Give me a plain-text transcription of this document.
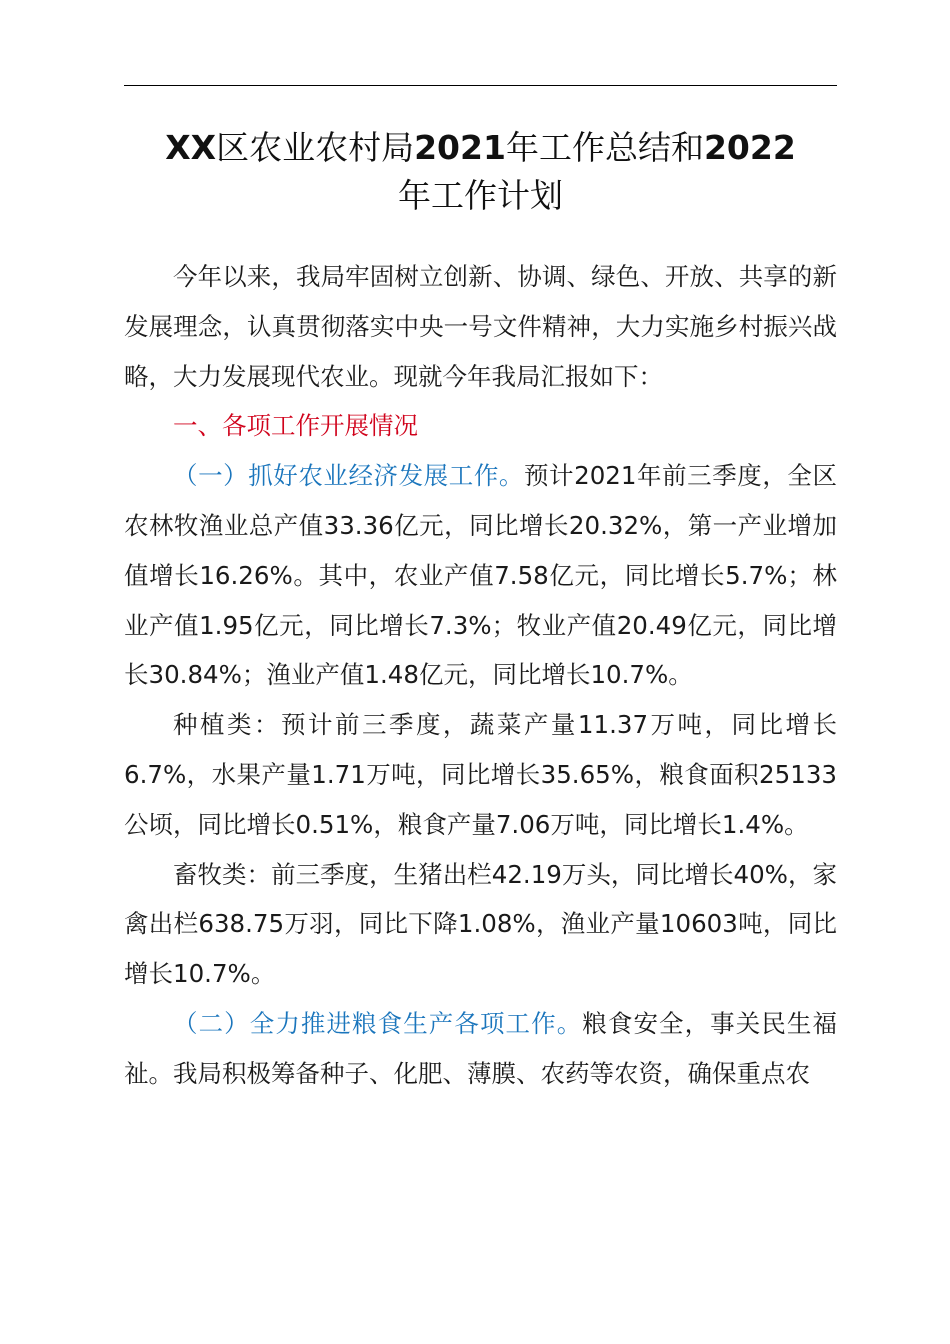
XX区农业农村局2021年工作总结和2022
年工作计划

今年以来，我局牢固树立创新、协调、绿色、开放、共享的新发展理念，认真贯彻落实中央一号文件精神，大力实施乡村振兴战略，大力发展现代农业。现就今年我局汇报如下：

一、各项工作开展情况

（一）抓好农业经济发展工作。预计2021年前三季度，全区农林牧渔业总产值33.36亿元，同比增长20.32%，第一产业增加值增长16.26%。其中，农业产值7.58亿元，同比增长5.7%；林业产值1.95亿元，同比增长7.3%；牧业产值20.49亿元，同比增长30.84%；渔业产值1.48亿元，同比增长10.7%。

种植类：预计前三季度，蔬菜产量11.37万吨，同比增长6.7%，水果产量1.71万吨，同比增长35.65%，粮食面积25133公顷，同比增长0.51%，粮食产量7.06万吨，同比增长1.4%。

畜牧类：前三季度，生猪出栏42.19万头，同比增长40%，家禽出栏638.75万羽，同比下降1.08%，渔业产量10603吨，同比增长10.7%。

（二）全力推进粮食生产各项工作。粮食安全，事关民生福祉。我局积极筹备种子、化肥、薄膜、农药等农资，确保重点农
